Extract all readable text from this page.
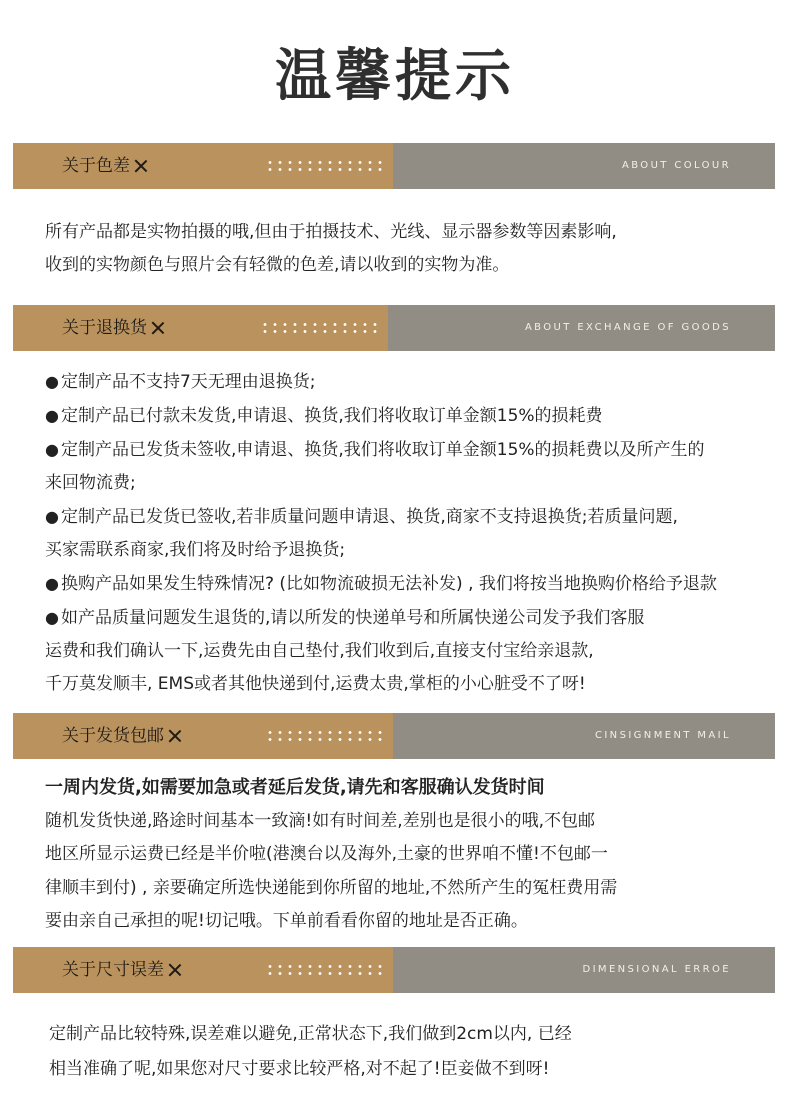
温馨提示
关于色差	ABOUT COLOUR

所有产品都是实物拍摄的哦,但由于拍摄技术、光线、显示器参数等因素影响,

收到的实物颜色与照片会有轻微的色差,请以收到的实物为准。

关于退换货	ABOUT EXCHANGE OF GOODS

● 定制产品不支持7天无理由退换货;

● 定制产品已付款未发货,申请退、换货,我们将收取订单金额15%的损耗费

● 定制产品已发货未签收,申请退、换货,我们将收取订单金额15%的损耗费以及所产生的

来回物流费;

● 定制产品已发货已签收,若非质量问题申请退、换货,商家不支持退换货;若质量问题,

买家需联系商家,我们将及时给予退换货;

● 换购产品如果发生特殊情况? (比如物流破损无法补发) , 我们将按当地换购价格给予退款

● 如产品质量问题发生退货的,请以所发的快递单号和所属快递公司发予我们客服

运费和我们确认一下,运费先由自己垫付,我们收到后,直接支付宝给亲退款,

千万莫发顺丰, EMS或者其他快递到付,运费太贵,掌柜的小心脏受不了呀!

关于发货包邮	CINSIGNMENT MAIL

一周内发货,如需要加急或者延后发货,请先和客服确认发货时间

随机发货快递,路途时间基本一致滴!如有时间差,差别也是很小的哦,不包邮

地区所显示运费已经是半价啦(港澳台以及海外,土豪的世界咱不懂!不包邮一

律顺丰到付) , 亲要确定所选快递能到你所留的地址,不然所产生的冤枉费用需

要由亲自己承担的呢!切记哦。下单前看看你留的地址是否正确。

关于尺寸误差	DIMENSIONAL ERROE

定制产品比较特殊,误差难以避免,正常状态下,我们做到2cm以内, 已经

相当准确了呢,如果您对尺寸要求比较严格,对不起了!臣妾做不到呀!
